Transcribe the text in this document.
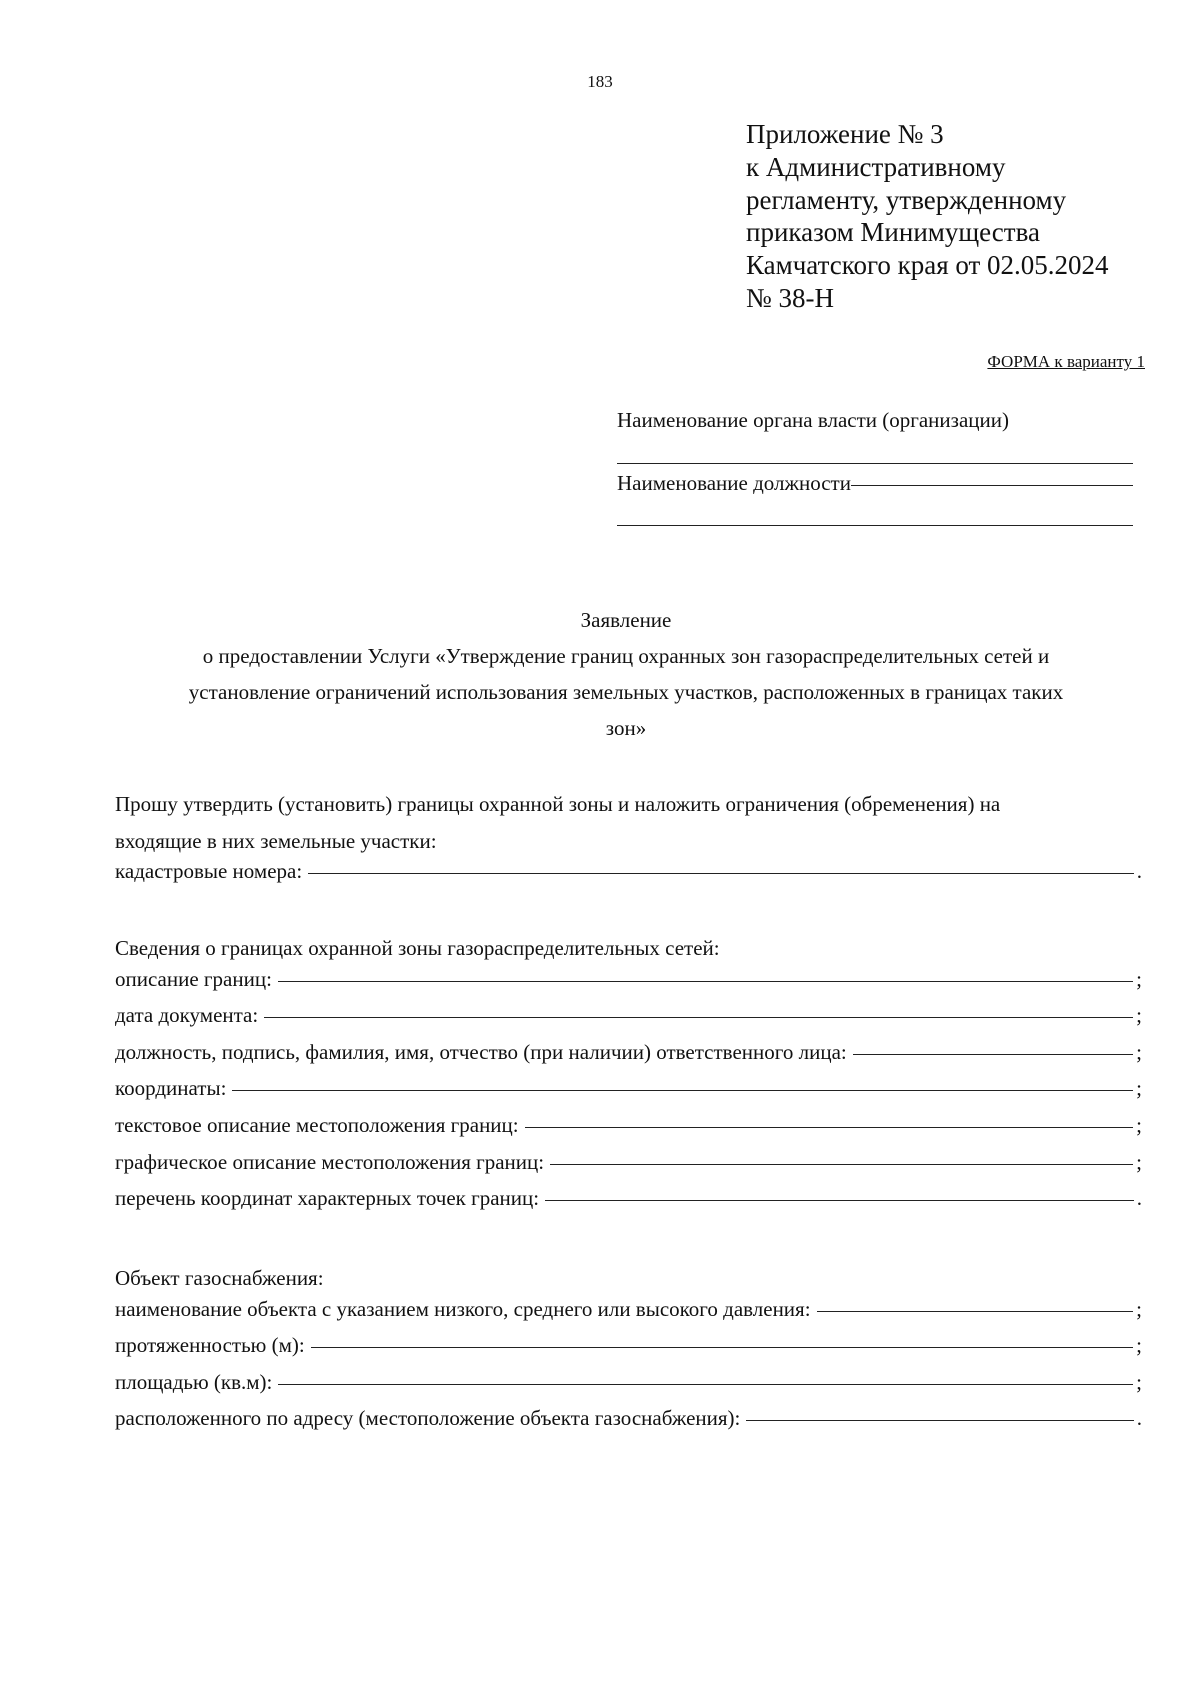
183
Приложение № 3
к Административному
регламенту, утвержденному
приказом Минимущества
Камчатского края от 02.05.2024
№ 38-Н
ФОРМА к варианту 1
Наименование органа власти (организации)
Наименование должности
Заявление
о предоставлении Услуги «Утверждение границ охранных зон газораспределительных сетей и
установление ограничений использования земельных участков, расположенных в границах таких
зон»
Прошу утвердить (установить) границы охранной зоны и наложить ограничения (обременения) на
входящие в них земельные участки:
кадастровые номера:	.
Сведения о границах охранной зоны газораспределительных сетей:
описание границ:	;
дата документа:	;
должность, подпись, фамилия, имя, отчество (при наличии) ответственного лица:	;
координаты:	;
текстовое описание местоположения границ:	;
графическое описание местоположения границ:	;
перечень координат характерных точек границ:	.
Объект газоснабжения:
наименование объекта с указанием низкого, среднего или высокого давления:	;
протяженностью (м):	;
площадью (кв.м):	;
расположенного по адресу (местоположение объекта газоснабжения):	.
